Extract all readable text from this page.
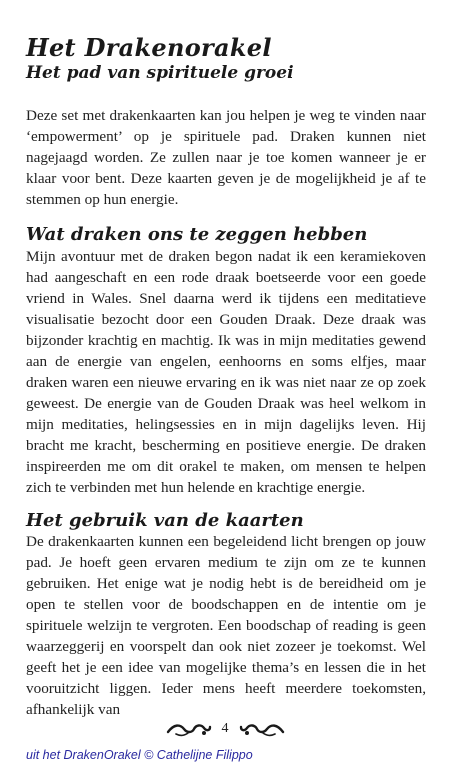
Het Drakenorakel
Het pad van spirituele groei

Deze set met drakenkaarten kan jou helpen je weg te vinden naar ‘empowerment’ op je spirituele pad. Draken kunnen niet nagejaagd worden. Ze zullen naar je toe komen wanneer je er klaar voor bent. Deze kaarten geven je de mogelijkheid je af te stemmen op hun energie.

Wat draken ons te zeggen hebben

Mijn avontuur met de draken begon nadat ik een keramiekoven had aangeschaft en een rode draak boetseerde voor een goede vriend in Wales. Snel daarna werd ik tijdens een meditatieve visualisatie bezocht door een Gouden Draak. Deze draak was bijzonder krachtig en machtig. Ik was in mijn meditaties gewend aan de energie van engelen, eenhoorns en soms elfjes, maar draken waren een nieuwe ervaring en ik was niet naar ze op zoek geweest. De energie van de Gouden Draak was heel welkom in mijn meditaties, helingsessies en in mijn dagelijks leven. Hij bracht me kracht, bescherming en positieve energie. De draken inspireerden me om dit orakel te maken, om mensen te helpen zich te verbinden met hun helende en krachtige energie.

Het gebruik van de kaarten

De drakenkaarten kunnen een begeleidend licht brengen op jouw pad. Je hoeft geen ervaren medium te zijn om ze te kunnen gebruiken. Het enige wat je nodig hebt is de bereidheid om je open te stellen voor de boodschappen en de intentie om je spirituele welzijn te vergroten. Een boodschap of reading is geen waarzeggerij en voorspelt dan ook niet zozeer je toekomst. Wel geeft het je een idee van mogelijke thema’s en lessen die in het vooruitzicht liggen. Ieder mens heeft meerdere toekomsten, afhankelijk van

4
uit het DrakenOrakel © Cathelijne Filippo
